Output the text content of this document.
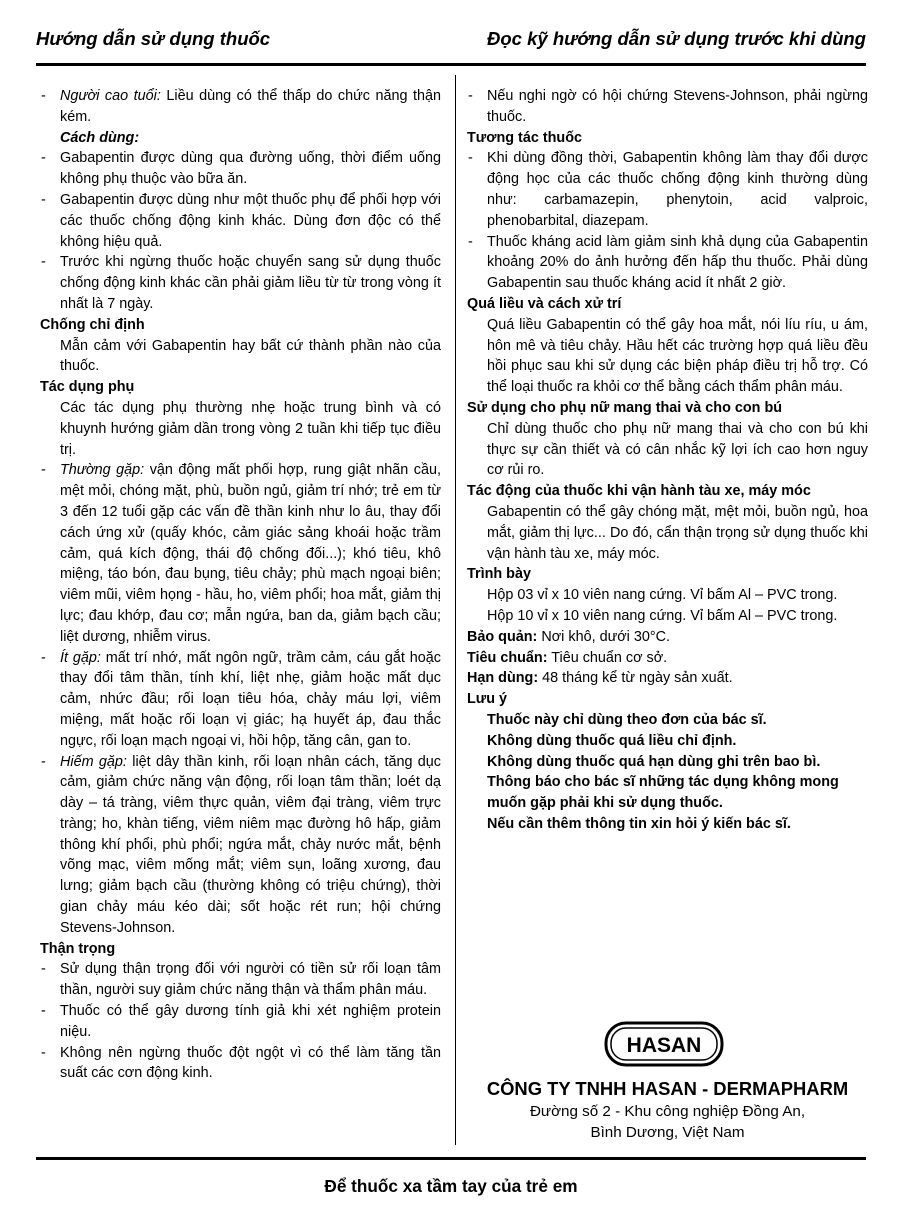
Hướng dẫn sử dụng thuốc	Đọc kỹ hướng dẫn sử dụng trước khi dùng

- Người cao tuổi: Liều dùng có thể thấp do chức năng thận kém.

Cách dùng:

- Gabapentin được dùng qua đường uống, thời điểm uống không phụ thuộc vào bữa ăn.

- Gabapentin được dùng như một thuốc phụ để phối hợp với các thuốc chống động kinh khác. Dùng đơn độc có thể không hiệu quả.

- Trước khi ngừng thuốc hoặc chuyển sang sử dụng thuốc chống động kinh khác cần phải giảm liều từ từ trong vòng ít nhất là 7 ngày.

Chống chỉ định

Mẫn cảm với Gabapentin hay bất cứ thành phần nào của thuốc.

Tác dụng phụ

Các tác dụng phụ thường nhẹ hoặc trung bình và có khuynh hướng giảm dần trong vòng 2 tuần khi tiếp tục điều trị.

- Thường gặp: vận động mất phối hợp, rung giật nhãn cầu, mệt mỏi, chóng mặt, phù, buồn ngủ, giảm trí nhớ; trẻ em từ 3 đến 12 tuổi gặp các vấn đề thần kinh như lo âu, thay đổi cách ứng xử (quấy khóc, cảm giác sảng khoái hoặc trầm cảm, quá kích động, thái độ chống đối...); khó tiêu, khô miệng, táo bón, đau bụng, tiêu chảy; phù mạch ngoại biên; viêm mũi, viêm họng - hầu, ho, viêm phổi; hoa mắt, giảm thị lực; đau khớp, đau cơ; mẫn ngứa, ban da, giảm bạch cầu; liệt dương, nhiễm virus.

- Ít gặp: mất trí nhớ, mất ngôn ngữ, trầm cảm, cáu gắt hoặc thay đổi tâm thần, tính khí, liệt nhẹ, giảm hoặc mất dục cảm, nhức đầu; rối loạn tiêu hóa, chảy máu lợi, viêm miệng, mất hoặc rối loạn vị giác; hạ huyết áp, đau thắc ngực, rối loạn mạch ngoại vi, hồi hộp, tăng cân, gan to.

- Hiếm gặp: liệt dây thần kinh, rối loạn nhân cách, tăng dục cảm, giảm chức năng vận động, rối loạn tâm thần; loét dạ dày – tá tràng, viêm thực quản, viêm đại tràng, viêm trực tràng; ho, khàn tiếng, viêm niêm mạc đường hô hấp, giảm thông khí phổi, phù phổi; ngứa mắt, chảy nước mắt, bệnh võng mạc, viêm mống mắt; viêm sụn, loãng xương, đau lưng; giảm bạch cầu (thường không có triệu chứng), thời gian chảy máu kéo dài; sốt hoặc rét run; hội chứng Stevens-Johnson.

Thận trọng

- Sử dụng thận trọng đối với người có tiền sử rối loạn tâm thần, người suy giảm chức năng thận và thẩm phân máu.

- Thuốc có thể gây dương tính giả khi xét nghiệm protein niệu.

- Không nên ngừng thuốc đột ngột vì có thể làm tăng tần suất các cơn động kinh.

- Nếu nghi ngờ có hội chứng Stevens-Johnson, phải ngừng thuốc.

Tương tác thuốc

- Khi dùng đồng thời, Gabapentin không làm thay đổi dược động học của các thuốc chống động kinh thường dùng như: carbamazepin, phenytoin, acid valproic, phenobarbital, diazepam.

- Thuốc kháng acid làm giảm sinh khả dụng của Gabapentin khoảng 20% do ảnh hưởng đến hấp thu thuốc. Phải dùng Gabapentin sau thuốc kháng acid ít nhất 2 giờ.

Quá liều và cách xử trí

Quá liều Gabapentin có thể gây hoa mắt, nói líu ríu, u ám, hôn mê và tiêu chảy. Hầu hết các trường hợp quá liều đều hồi phục sau khi sử dụng các biện pháp điều trị hỗ trợ. Có thể loại thuốc ra khỏi cơ thể bằng cách thẩm phân máu.

Sử dụng cho phụ nữ mang thai và cho con bú

Chỉ dùng thuốc cho phụ nữ mang thai và cho con bú khi thực sự cần thiết và có cân nhắc kỹ lợi ích cao hơn nguy cơ rủi ro.

Tác động của thuốc khi vận hành tàu xe, máy móc

Gabapentin có thể gây chóng mặt, mệt mỏi, buồn ngủ, hoa mắt, giảm thị lực... Do đó, cẩn thận trọng sử dụng thuốc khi vận hành tàu xe, máy móc.

Trình bày

Hộp 03 vỉ x 10 viên nang cứng. Vỉ bấm Al – PVC trong.

Hộp 10 vỉ x 10 viên nang cứng. Vỉ bấm Al – PVC trong.

Bảo quản: Nơi khô, dưới 30°C.

Tiêu chuẩn: Tiêu chuẩn cơ sở.

Hạn dùng: 48 tháng kể từ ngày sản xuất.

Lưu ý

Thuốc này chỉ dùng theo đơn của bác sĩ.
Không dùng thuốc quá liều chỉ định.
Không dùng thuốc quá hạn dùng ghi trên bao bì.
Thông báo cho bác sĩ những tác dụng không mong muốn gặp phải khi sử dụng thuốc.
Nếu cần thêm thông tin xin hỏi ý kiến bác sĩ.
HASAN
CÔNG TY TNHH HASAN - DERMAPHARM
Đường số 2 - Khu công nghiệp Đồng An,
Bình Dương, Việt Nam
Để thuốc xa tầm tay của trẻ em
